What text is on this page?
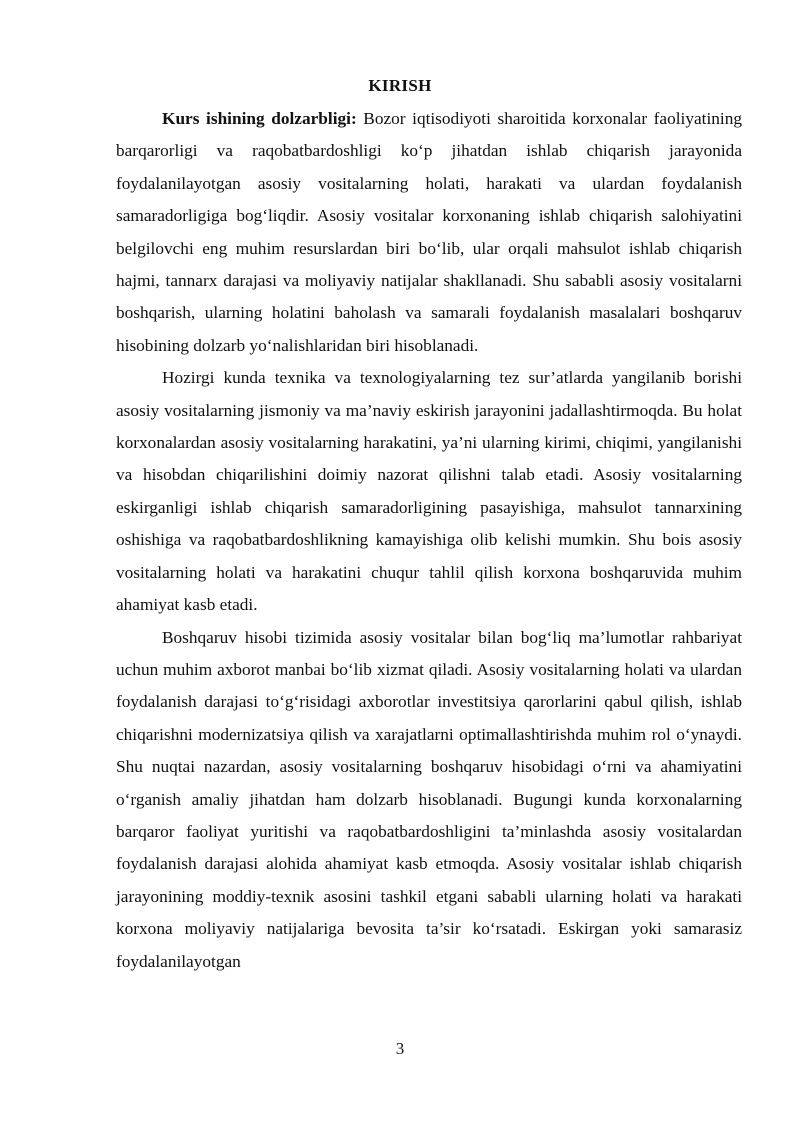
KIRISH

Kurs ishining dolzarbligi: Bozor iqtisodiyoti sharoitida korxonalar faoliyatining barqarorligi va raqobatbardoshligi ko‘p jihatdan ishlab chiqarish jarayonida foydalanilayotgan asosiy vositalarning holati, harakati va ulardan foydalanish samaradorligiga bog‘liqdir. Asosiy vositalar korxonaning ishlab chiqarish salohiyatini belgilovchi eng muhim resurslardan biri bo‘lib, ular orqali mahsulot ishlab chiqarish hajmi, tannarx darajasi va moliyaviy natijalar shakllanadi. Shu sababli asosiy vositalarni boshqarish, ularning holatini baholash va samarali foydalanish masalalari boshqaruv hisobining dolzarb yo‘nalishlaridan biri hisoblanadi.

Hozirgi kunda texnika va texnologiyalarning tez sur’atlarda yangilanib borishi asosiy vositalarning jismoniy va ma’naviy eskirish jarayonini jadallashtirmoqda. Bu holat korxonalardan asosiy vositalarning harakatini, ya’ni ularning kirimi, chiqimi, yangilanishi va hisobdan chiqarilishini doimiy nazorat qilishni talab etadi. Asosiy vositalarning eskirganligi ishlab chiqarish samaradorligining pasayishiga, mahsulot tannarxining oshishiga va raqobatbardoshlikning kamayishiga olib kelishi mumkin. Shu bois asosiy vositalarning holati va harakatini chuqur tahlil qilish korxona boshqaruvida muhim ahamiyat kasb etadi.

Boshqaruv hisobi tizimida asosiy vositalar bilan bog‘liq ma’lumotlar rahbariyat uchun muhim axborot manbai bo‘lib xizmat qiladi. Asosiy vositalarning holati va ulardan foydalanish darajasi to‘g‘risidagi axborotlar investitsiya qarorlarini qabul qilish, ishlab chiqarishni modernizatsiya qilish va xarajatlarni optimallashtirishda muhim rol o‘ynaydi. Shu nuqtai nazardan, asosiy vositalarning boshqaruv hisobidagi o‘rni va ahamiyatini o‘rganish amaliy jihatdan ham dolzarb hisoblanadi. Bugungi kunda korxonalarning barqaror faoliyat yuritishi va raqobatbardoshligini ta’minlashda asosiy vositalardan foydalanish darajasi alohida ahamiyat kasb etmoqda. Asosiy vositalar ishlab chiqarish jarayonining moddiy-texnik asosini tashkil etgani sababli ularning holati va harakati korxona moliyaviy natijalariga bevosita ta’sir ko‘rsatadi. Eskirgan yoki samarasiz foydalanilayotgan

3
